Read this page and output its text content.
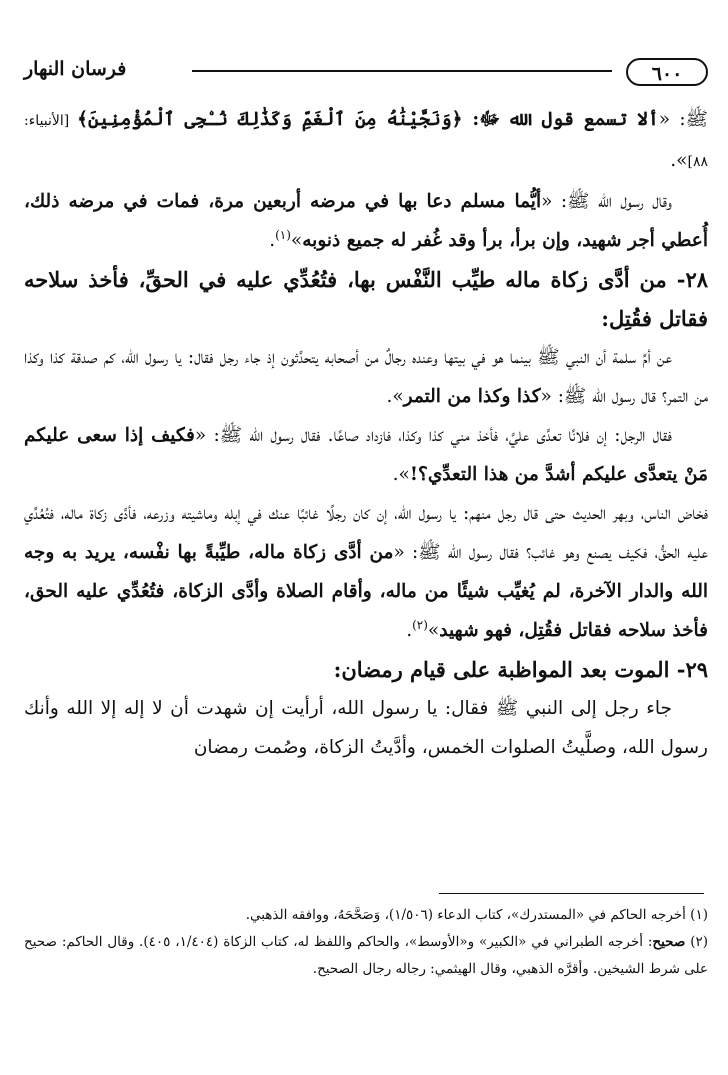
٦٠٠
فرسان النهار

ﷺ: «ألا تسمع قول الله ﷻ: ﴿وَنَجَّيْنَٰهُ مِنَ ٱلْغَمِّ وَكَذَٰلِكَ نُـۨجِى ٱلْمُؤْمِنِينَ﴾ [الأنبياء: ٨٨]».

وقال رسول الله ﷺ: «أيُّما مسلم دعا بها في مرضه أربعين مرة، فمات في مرضه ذلك، أُعطي أجر شهيد، وإن برأ، برأ وقد غُفر له جميع ذنوبه»$^{(١)}$.

٢٨- من أدَّى زكاة ماله طيِّب النَّفْس بها، فتُعُدِّي عليه في الحقِّ، فأخذ سلاحه فقاتل فقُتِل:

عن أمِّ سلمة أن النبي ﷺ بينما هو في بيتها وعنده رجالٌ من أصحابه يتحدَّثون إذ جاء رجل فقال: يا رسول الله، كم صدقة كذا وكذا من التمر؟ قال رسول الله ﷺ: «كذا وكذا من التمر».

فقال الرجل: إن فلانًا تعدَّى عليَّ، فأخذ مني كذا وكذا، فازداد صاعًا. فقال رسول الله ﷺ: «فكيف إذا سعى عليكم مَنْ يتعدَّى عليكم أشدَّ من هذا التعدِّي؟!».

فخاض الناس، وبهر الحديث حتى قال رجل منهم: يا رسول الله، إن كان رجلًا غائبًا عنك في إبله وماشيته وزرعه، فأدَّى زكاة ماله، فتُعُدِّي عليه الحقُّ، فكيف يصنع وهو غائب؟ فقال رسول الله ﷺ: «من أدَّى زكاة ماله، طيِّبةً بها نفْسه، يريد به وجه الله والدار الآخرة، لم يُغيِّب شيئًا من ماله، وأقام الصلاة وأدَّى الزكاة، فتُعُدِّي عليه الحق، فأخذ سلاحه فقاتل فقُتِل، فهو شهيد»$^{(٢)}$.

٢٩- الموت بعد المواظبة على قيام رمضان:

جاء رجل إلى النبي ﷺ فقال: يا رسول الله، أرأيت إن شهدت أن لا إله إلا الله وأنك رسول الله، وصلَّيتُ الصلوات الخمس، وأدَّيتُ الزكاة، وصُمت رمضان

(١) أخرجه الحاكم في «المستدرك»، كتاب الدعاء (١/٥٠٦)، وَصَحَّحَهُ، ووافقه الذهبي.

(٢) صحيح: أخرجه الطبراني في «الكبير» و«الأوسط»، والحاكم واللفظ له، كتاب الزكاة (١/٤٠٤، ٤٠٥). وقال الحاكم: صحيح على شرط الشيخين. وأقرَّه الذهبي، وقال الهيثمي: رجاله رجال الصحيح.
